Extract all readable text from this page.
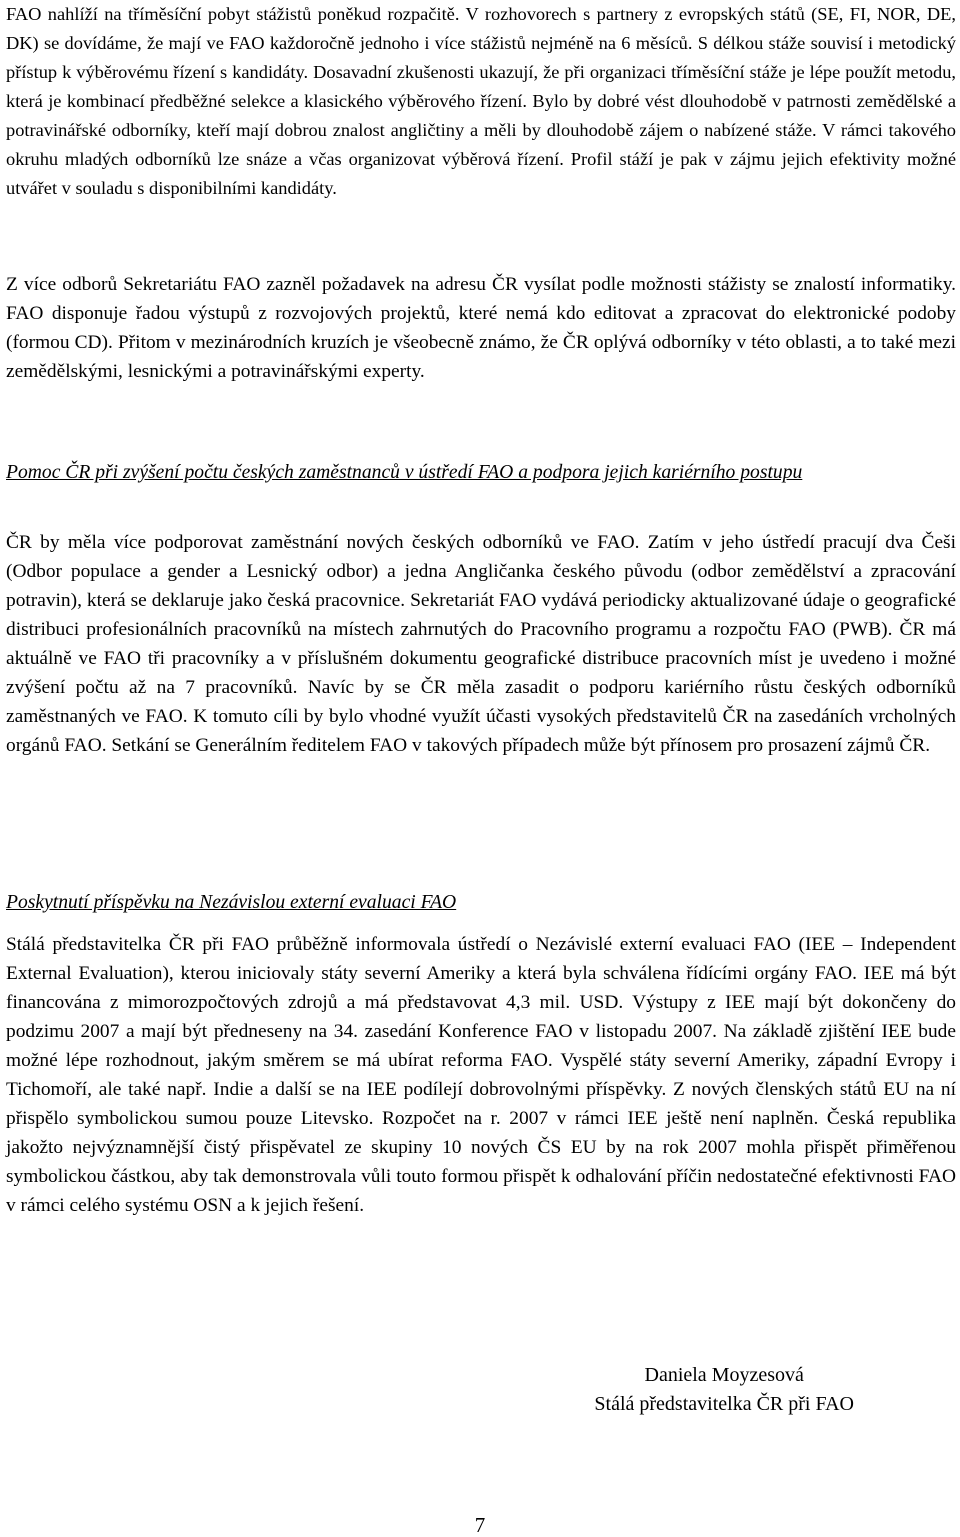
FAO nahlíží na tříměsíční pobyt stážistů poněkud rozpačitě. V rozhovorech s partnery z evropských států (SE, FI, NOR, DE, DK) se dovídáme, že mají ve FAO každoročně jednoho i více stážistů nejméně na 6 měsíců. S délkou stáže souvisí i metodický přístup k výběrovému řízení s kandidáty. Dosavadní zkušenosti ukazují, že při organizaci tříměsíční stáže je lépe použít metodu, která je kombinací předběžné selekce a klasického výběrového řízení. Bylo by dobré vést dlouhodobě v patrnosti zemědělské a potravinářské odborníky, kteří mají dobrou znalost angličtiny a měli by dlouhodobě zájem o nabízené stáže. V rámci takového okruhu mladých odborníků lze snáze a včas organizovat výběrová řízení. Profil stáží je pak v zájmu jejich efektivity možné utvářet v souladu s disponibilními kandidáty.

Z více odborů Sekretariátu FAO zazněl požadavek na adresu ČR vysílat podle možnosti stážisty se znalostí informatiky. FAO disponuje řadou výstupů z rozvojových projektů, které nemá kdo editovat a zpracovat do elektronické podoby (formou CD). Přitom v mezinárodních kruzích je všeobecně známo, že ČR oplývá odborníky v této oblasti, a to také mezi zemědělskými, lesnickými a potravinářskými experty.

Pomoc ČR při zvýšení počtu českých zaměstnanců v ústředí FAO a podpora jejich kariérního postupu

ČR by měla více podporovat zaměstnání nových českých odborníků ve FAO. Zatím v jeho ústředí pracují dva Češi (Odbor populace a gender a Lesnický odbor) a jedna Angličanka českého původu (odbor zemědělství a zpracování potravin), která se deklaruje jako česká pracovnice. Sekretariát FAO vydává periodicky aktualizované údaje o geografické distribuci profesionálních pracovníků na místech zahrnutých do Pracovního programu a rozpočtu FAO (PWB). ČR má aktuálně ve FAO tři pracovníky a v příslušném dokumentu geografické distribuce pracovních míst je uvedeno i možné zvýšení počtu až na 7 pracovníků. Navíc by se ČR měla zasadit o podporu kariérního růstu českých odborníků zaměstnaných ve FAO. K tomuto cíli by bylo vhodné využít účasti vysokých představitelů ČR na zasedáních vrcholných orgánů FAO. Setkání se Generálním ředitelem FAO v takových případech může být přínosem pro prosazení zájmů ČR.

Poskytnutí příspěvku na Nezávislou externí evaluaci FAO

Stálá představitelka ČR při FAO průběžně informovala ústředí o Nezávislé externí evaluaci FAO (IEE – Independent External Evaluation), kterou iniciovaly státy severní Ameriky a která byla schválena řídícími orgány FAO. IEE má být financována z mimorozpočtových zdrojů a má představovat 4,3 mil. USD. Výstupy z IEE mají být dokončeny do podzimu 2007 a mají být předneseny na 34. zasedání Konference FAO v listopadu 2007. Na základě zjištění IEE bude možné lépe rozhodnout, jakým směrem se má ubírat reforma FAO. Vyspělé státy severní Ameriky, západní Evropy i Tichomoří, ale také např. Indie a další se na IEE podílejí dobrovolnými příspěvky. Z nových členských států EU na ní přispělo symbolickou sumou pouze Litevsko. Rozpočet na r. 2007 v rámci IEE ještě není naplněn. Česká republika jakožto nejvýznamnější čistý přispěvatel ze skupiny 10 nových ČS EU by na rok 2007 mohla přispět přiměřenou symbolickou částkou, aby tak demonstrovala vůli touto formou přispět k odhalování příčin nedostatečné efektivnosti FAO v rámci celého systému OSN a k jejich řešení.

Daniela Moyzesová
Stálá představitelka ČR při FAO
7
